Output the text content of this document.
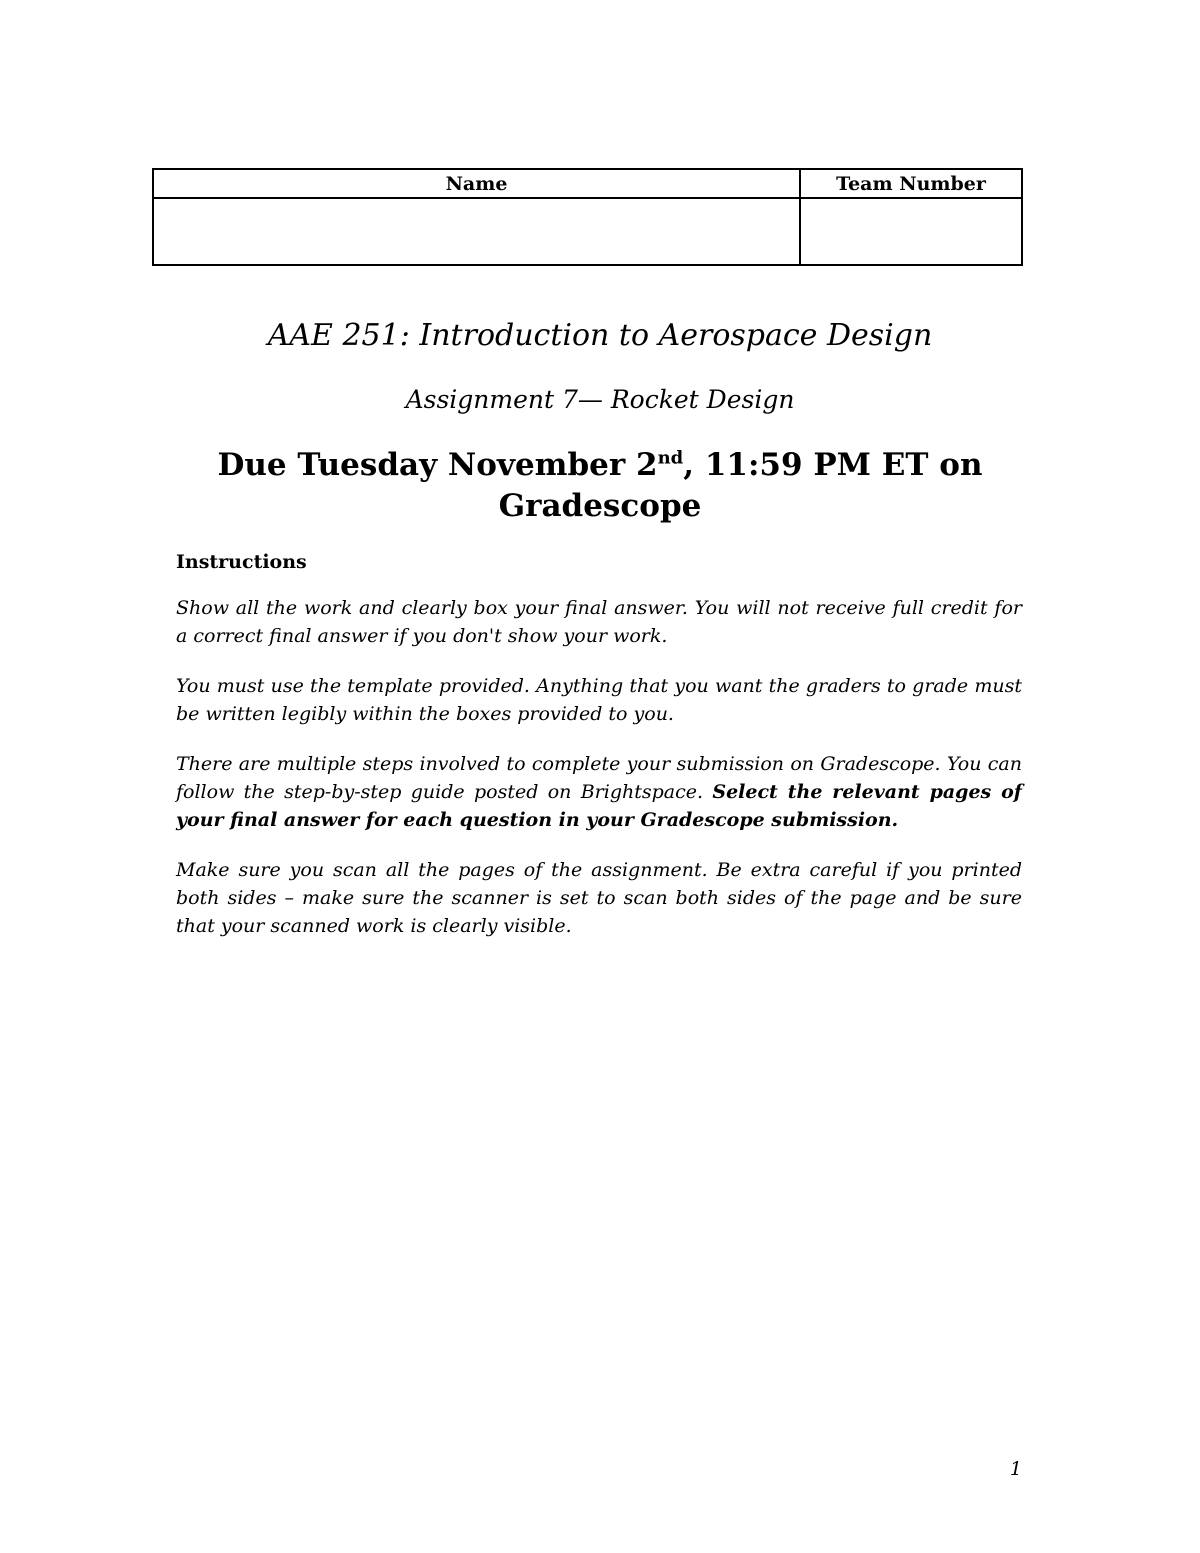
Name	Team Number

AAE 251: Introduction to Aerospace Design
Assignment 7— Rocket Design
Due Tuesday November 2nd, 11:59 PM ET on
Gradescope

Instructions

Show all the work and clearly box your final answer. You will not receive full credit for a correct final answer if you don't show your work.

You must use the template provided. Anything that you want the graders to grade must be written legibly within the boxes provided to you.

There are multiple steps involved to complete your submission on Gradescope. You can follow the step-by-step guide posted on Brightspace. Select the relevant pages of your final answer for each question in your Gradescope submission.

Make sure you scan all the pages of the assignment. Be extra careful if you printed both sides – make sure the scanner is set to scan both sides of the page and be sure that your scanned work is clearly visible.

1
